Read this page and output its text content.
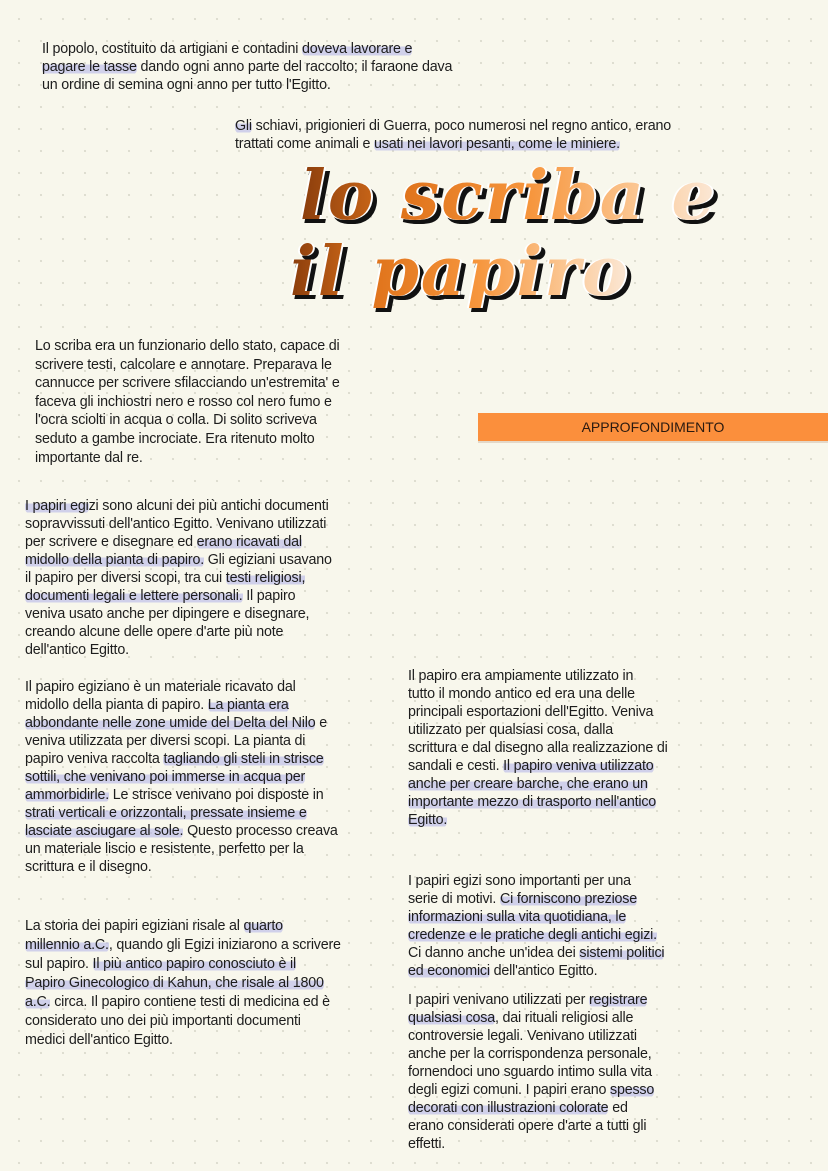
Il popolo, costituito da artigiani e contadini doveva lavorare e
pagare le tasse dando ogni anno parte del raccolto; il faraone dava
un ordine di semina ogni anno per tutto l'Egitto.
Gli schiavi, prigionieri di Guerra, poco numerosi nel regno antico, erano
trattati come animali e usati nei lavori pesanti, come le miniere.
lo scriba e
il papiro
Lo scriba era un funzionario dello stato, capace di
scrivere testi, calcolare e annotare. Preparava le
cannucce per scrivere sfilacciando un'estremita' e
faceva gli inchiostri nero e rosso col nero fumo e
l'ocra sciolti in acqua o colla. Di solito scriveva
seduto a gambe incrociate. Era ritenuto molto
importante dal re.
APPROFONDIMENTO
I papiri egizi sono alcuni dei più antichi documenti
sopravvissuti dell'antico Egitto. Venivano utilizzati
per scrivere e disegnare ed erano ricavati dal
midollo della pianta di papiro. Gli egiziani usavano
il papiro per diversi scopi, tra cui testi religiosi,
documenti legali e lettere personali. Il papiro
veniva usato anche per dipingere e disegnare,
creando alcune delle opere d'arte più note
dell'antico Egitto.
Il papiro egiziano è un materiale ricavato dal
midollo della pianta di papiro. La pianta era
abbondante nelle zone umide del Delta del Nilo e
veniva utilizzata per diversi scopi. La pianta di
papiro veniva raccolta tagliando gli steli in strisce
sottili, che venivano poi immerse in acqua per
ammorbidirle. Le strisce venivano poi disposte in
strati verticali e orizzontali, pressate insieme e
lasciate asciugare al sole. Questo processo creava
un materiale liscio e resistente, perfetto per la
scrittura e il disegno.
La storia dei papiri egiziani risale al quarto
millennio a.C., quando gli Egizi iniziarono a scrivere
sul papiro. Il più antico papiro conosciuto è il
Papiro Ginecologico di Kahun, che risale al 1800
a.C. circa. Il papiro contiene testi di medicina ed è
considerato uno dei più importanti documenti
medici dell'antico Egitto.
Il papiro era ampiamente utilizzato in
tutto il mondo antico ed era una delle
principali esportazioni dell'Egitto. Veniva
utilizzato per qualsiasi cosa, dalla
scrittura e dal disegno alla realizzazione di
sandali e cesti. Il papiro veniva utilizzato
anche per creare barche, che erano un
importante mezzo di trasporto nell'antico
Egitto.
I papiri egizi sono importanti per una
serie di motivi. Ci forniscono preziose
informazioni sulla vita quotidiana, le
credenze e le pratiche degli antichi egizi.
Ci danno anche un'idea dei sistemi politici
ed economici dell'antico Egitto.
I papiri venivano utilizzati per registrare
qualsiasi cosa, dai rituali religiosi alle
controversie legali. Venivano utilizzati
anche per la corrispondenza personale,
fornendoci uno sguardo intimo sulla vita
degli egizi comuni. I papiri erano spesso
decorati con illustrazioni colorate ed
erano considerati opere d'arte a tutti gli
effetti.
